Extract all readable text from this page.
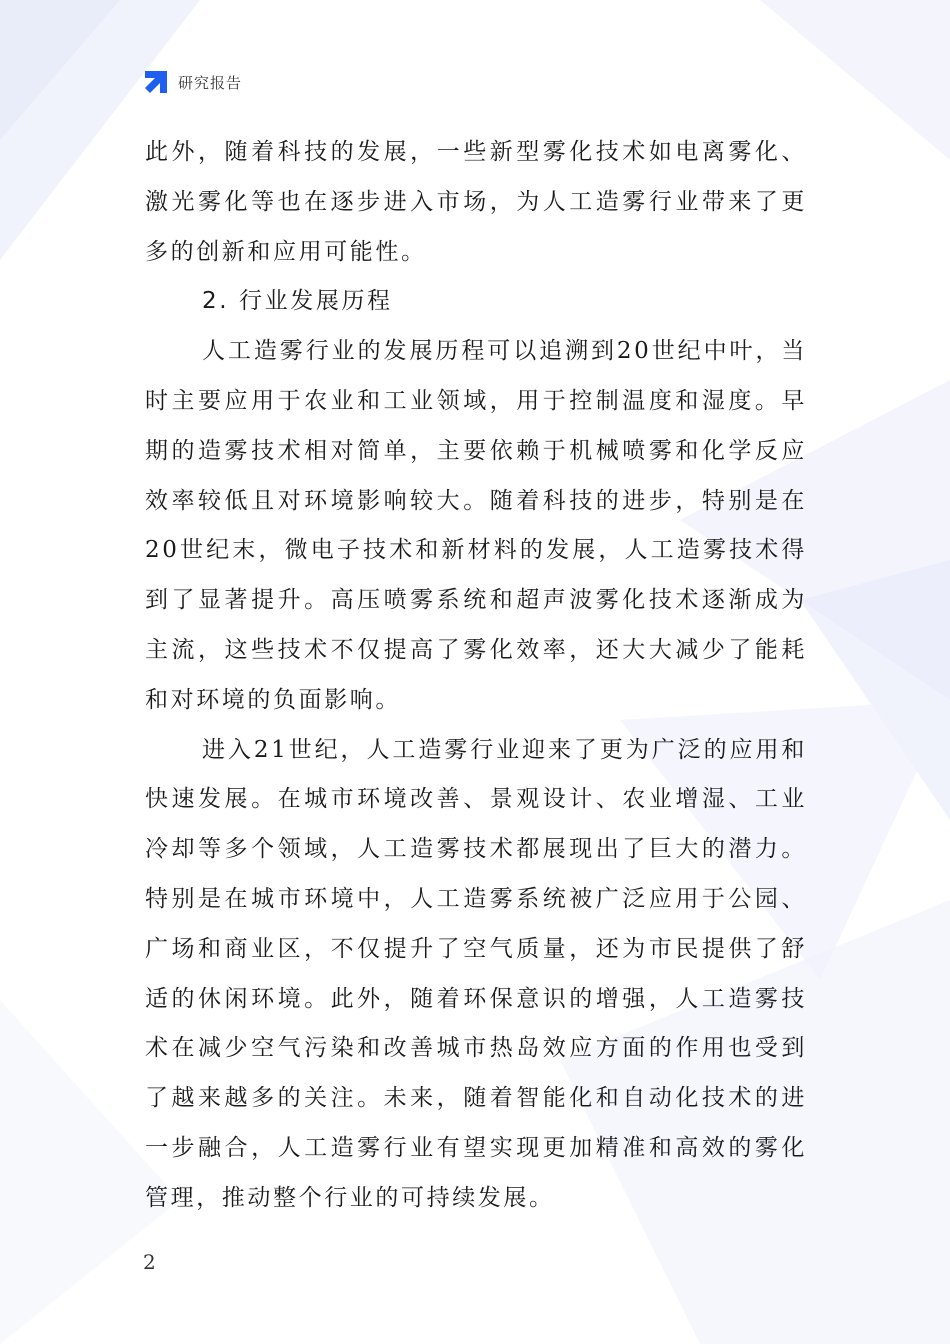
研究报告

此外，随着科技的发展，一些新型雾化技术如电离雾化、激光雾化等也在逐步进入市场，为人工造雾行业带来了更多的创新和应用可能性。

2. 行业发展历程

人工造雾行业的发展历程可以追溯到20世纪中叶，当时主要应用于农业和工业领域，用于控制温度和湿度。早期的造雾技术相对简单，主要依赖于机械喷雾和化学反应效率较低且对环境影响较大。随着科技的进步，特别是在20世纪末，微电子技术和新材料的发展，人工造雾技术得到了显著提升。高压喷雾系统和超声波雾化技术逐渐成为主流，这些技术不仅提高了雾化效率，还大大减少了能耗和对环境的负面影响。

进入21世纪，人工造雾行业迎来了更为广泛的应用和快速发展。在城市环境改善、景观设计、农业增湿、工业冷却等多个领域，人工造雾技术都展现出了巨大的潜力。特别是在城市环境中，人工造雾系统被广泛应用于公园、广场和商业区，不仅提升了空气质量，还为市民提供了舒适的休闲环境。此外，随着环保意识的增强，人工造雾技术在减少空气污染和改善城市热岛效应方面的作用也受到了越来越多的关注。未来，随着智能化和自动化技术的进一步融合，人工造雾行业有望实现更加精准和高效的雾化管理，推动整个行业的可持续发展。

2
